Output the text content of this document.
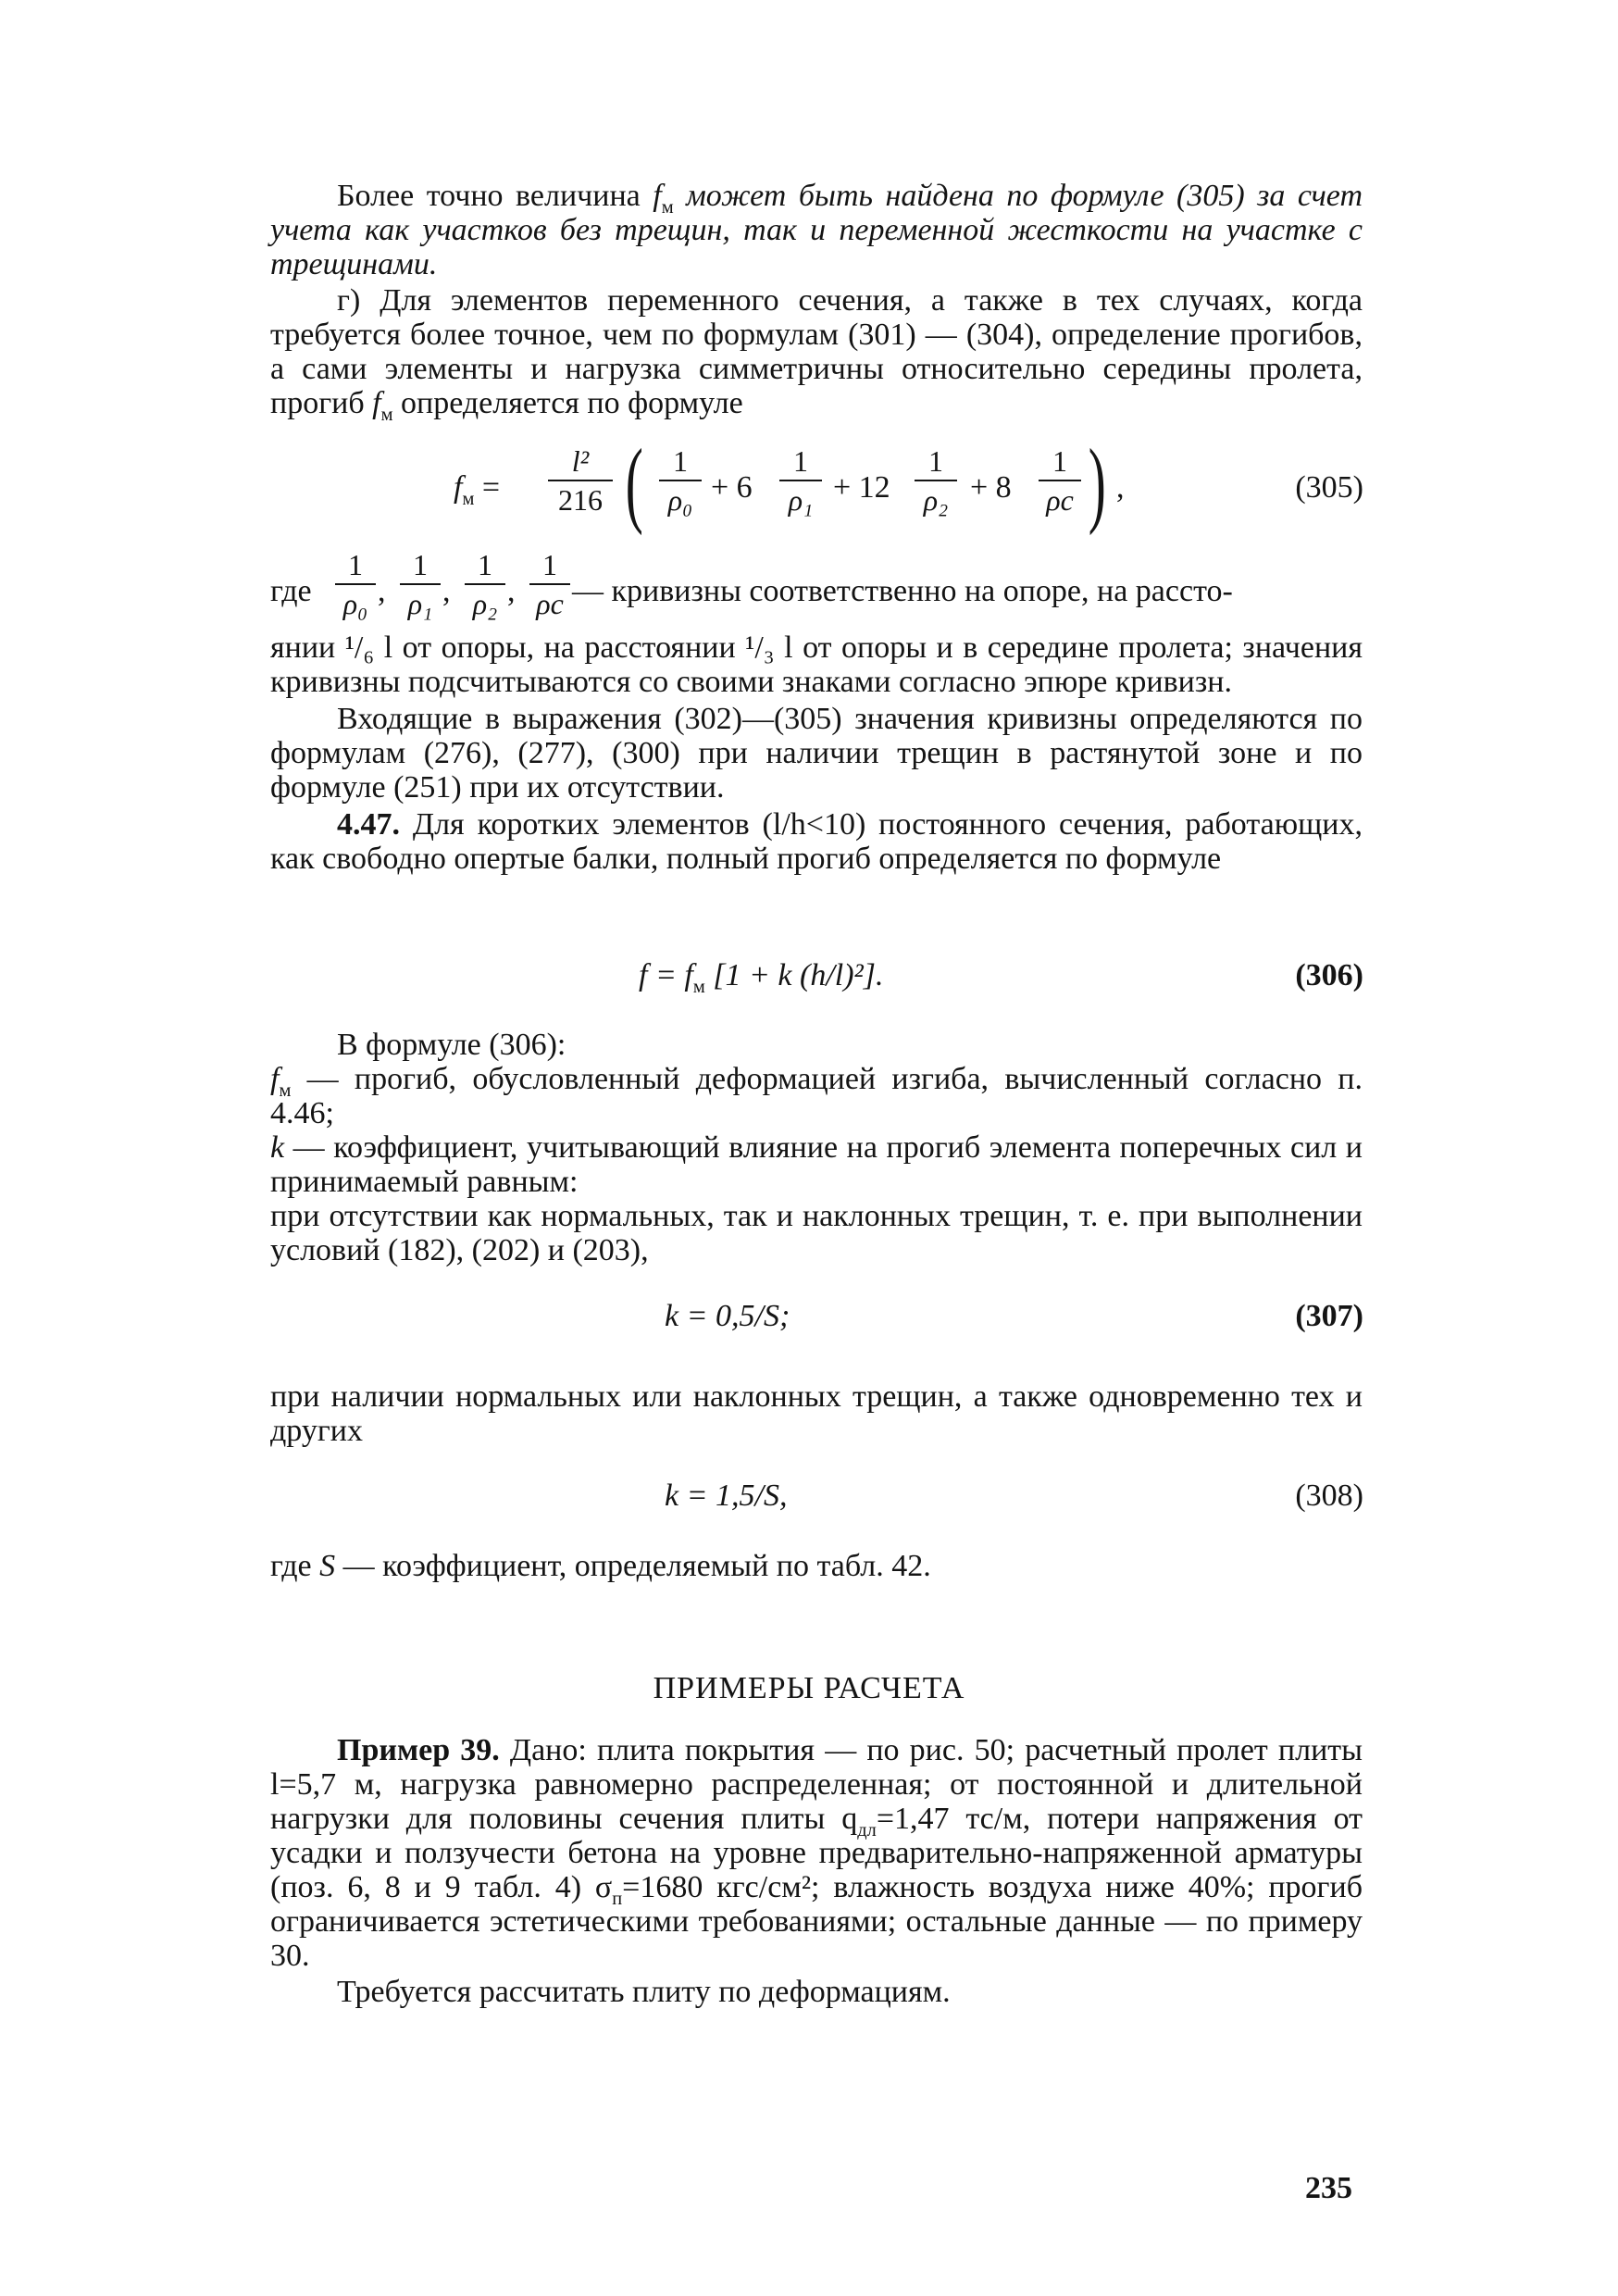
Более точно величина $f_м$ может быть найдена по формуле (305) за счет учета как участков без трещин, так и переменной жесткости на участке с трещинами.

г) Для элементов переменного сечения, а также в тех случаях, когда требуется более точное, чем по формулам (301) — (304), определение прогибов, а сами элементы и нагрузка симметричны относительно середины пролета, прогиб $f_м$ определяется по формуле

$f_м$ =
l²
216 (	1
ρ₀ + 6
1
ρ₁ + 12
1
ρ₂ + 8
1
ρc ) ,	(305)
где
1
ρ₀ ,
1
ρ₁ ,
1
ρ₂ ,
1
ρc — кривизны соответственно на опоре, на рассто-

янии ¹/₆ l от опоры, на расстоянии ¹/₃ l от опоры и в середине пролета; значения кривизны подсчитываются со своими знаками согласно эпюре кривизн.

Входящие в выражения (302)—(305) значения кривизны определяются по формулам (276), (277), (300) при наличии трещин в растянутой зоне и по формуле (251) при их отсутствии.

4.47. Для коротких элементов (l/h<10) постоянного сечения, работающих, как свободно опертые балки, полный прогиб определяется по формуле

$f = f_м$ [1 + k (h/l)²].	(306)

В формуле (306):

$f_м$ — прогиб, обусловленный деформацией изгиба, вычисленный согласно п. 4.46;

k — коэффициент, учитывающий влияние на прогиб элемента поперечных сил и принимаемый равным:

при отсутствии как нормальных, так и наклонных трещин, т. е. при выполнении условий (182), (202) и (203),

k = 0,5/S;	(307)

при наличии нормальных или наклонных трещин, а также одновременно тех и других

k = 1,5/S,	(308)

где S — коэффициент, определяемый по табл. 42.

ПРИМЕРЫ РАСЧЕТА

Пример 39. Дано: плита покрытия — по рис. 50; расчетный пролет плиты l=5,7 м, нагрузка равномерно распределенная; от постоянной и длительной нагрузки для половины сечения плиты $q_{дл}=1,47$ тс/м, потери напряжения от усадки и ползучести бетона на уровне предварительно-напряженной арматуры (поз. 6, 8 и 9 табл. 4) $\sigma_п=1680$ кгс/см²; влажность воздуха ниже 40%; прогиб ограничивается эстетическими требованиями; остальные данные — по примеру 30.

Требуется рассчитать плиту по деформациям.

235
